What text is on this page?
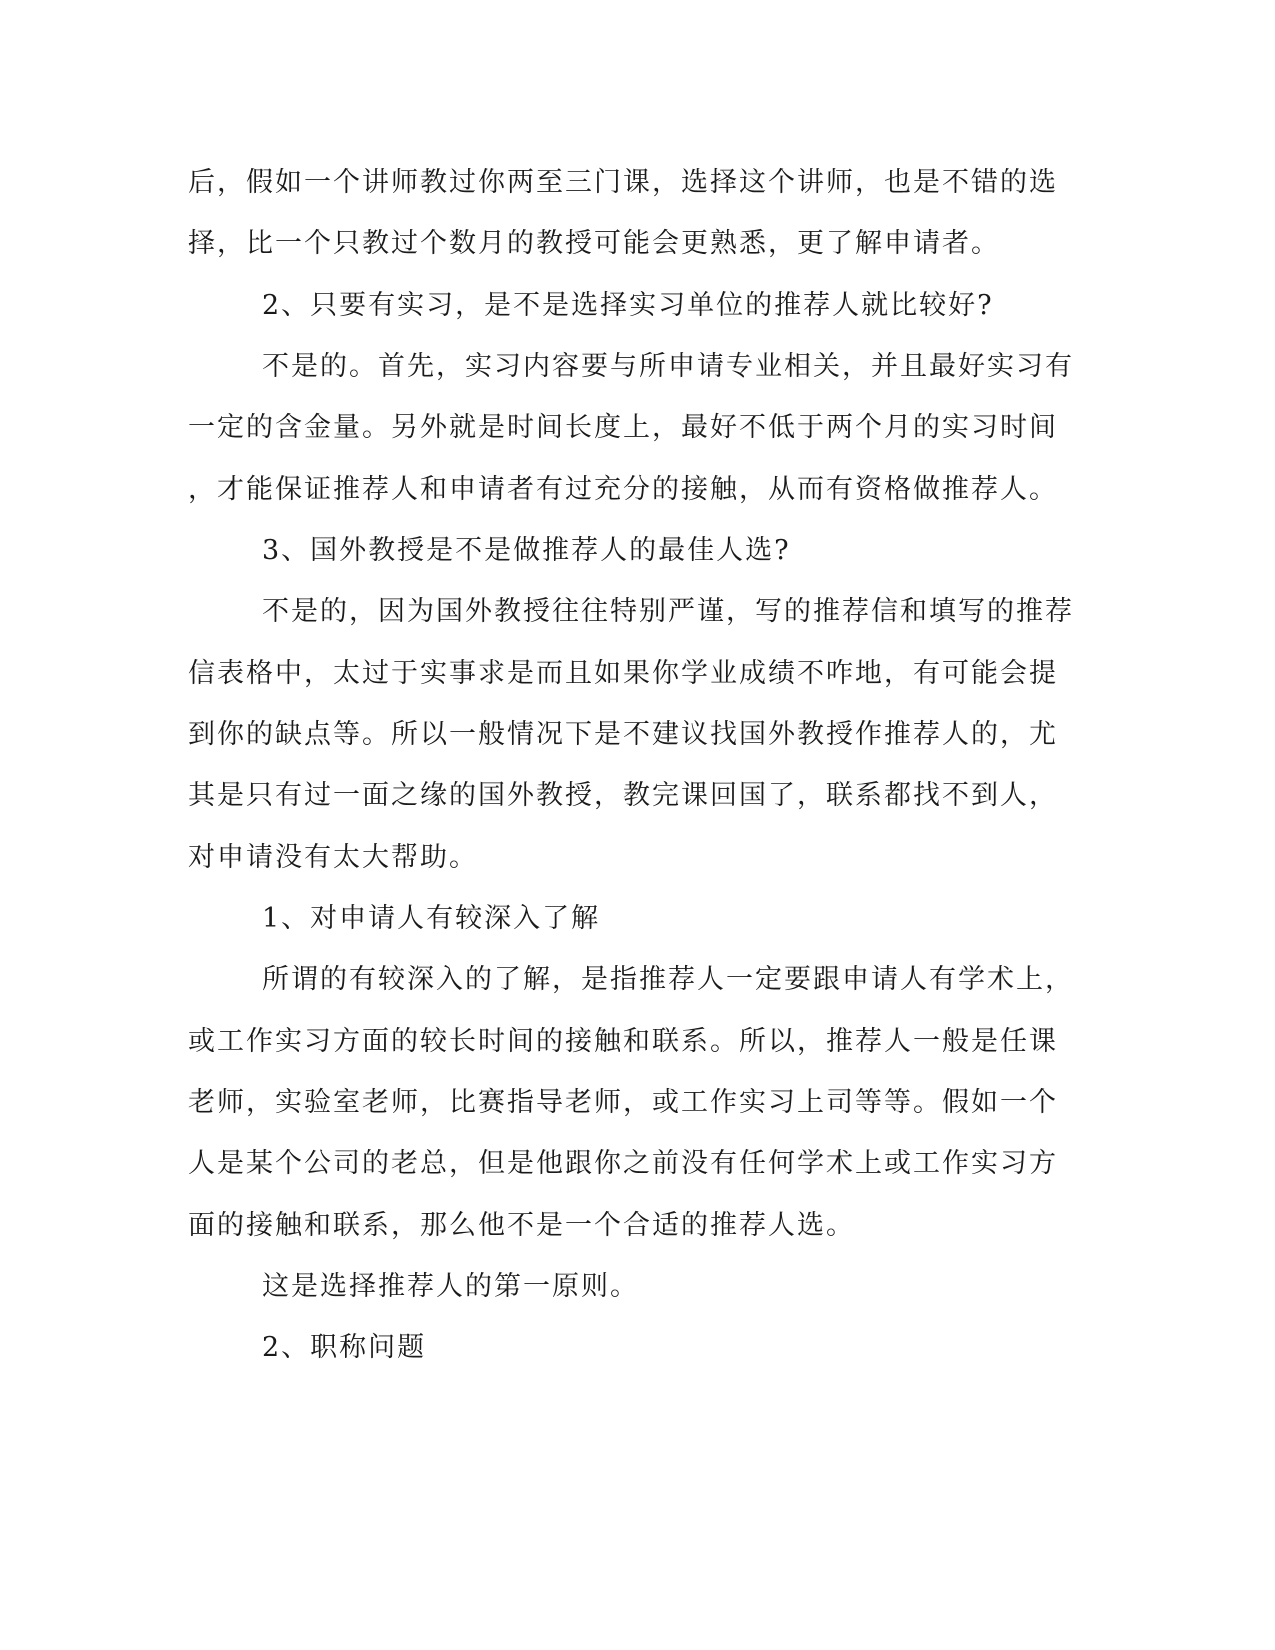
后，假如一个讲师教过你两至三门课，选择这个讲师，也是不错的选
择，比一个只教过个数月的教授可能会更熟悉，更了解申请者。
2、只要有实习，是不是选择实习单位的推荐人就比较好?
不是的。首先，实习内容要与所申请专业相关，并且最好实习有
一定的含金量。另外就是时间长度上，最好不低于两个月的实习时间
，才能保证推荐人和申请者有过充分的接触，从而有资格做推荐人。
3、国外教授是不是做推荐人的最佳人选?
不是的，因为国外教授往往特别严谨，写的推荐信和填写的推荐
信表格中，太过于实事求是而且如果你学业成绩不咋地，有可能会提
到你的缺点等。所以一般情况下是不建议找国外教授作推荐人的，尤
其是只有过一面之缘的国外教授，教完课回国了，联系都找不到人，
对申请没有太大帮助。
1、对申请人有较深入了解
所谓的有较深入的了解，是指推荐人一定要跟申请人有学术上，
或工作实习方面的较长时间的接触和联系。所以，推荐人一般是任课
老师，实验室老师，比赛指导老师，或工作实习上司等等。假如一个
人是某个公司的老总，但是他跟你之前没有任何学术上或工作实习方
面的接触和联系，那么他不是一个合适的推荐人选。
这是选择推荐人的第一原则。
2、职称问题
